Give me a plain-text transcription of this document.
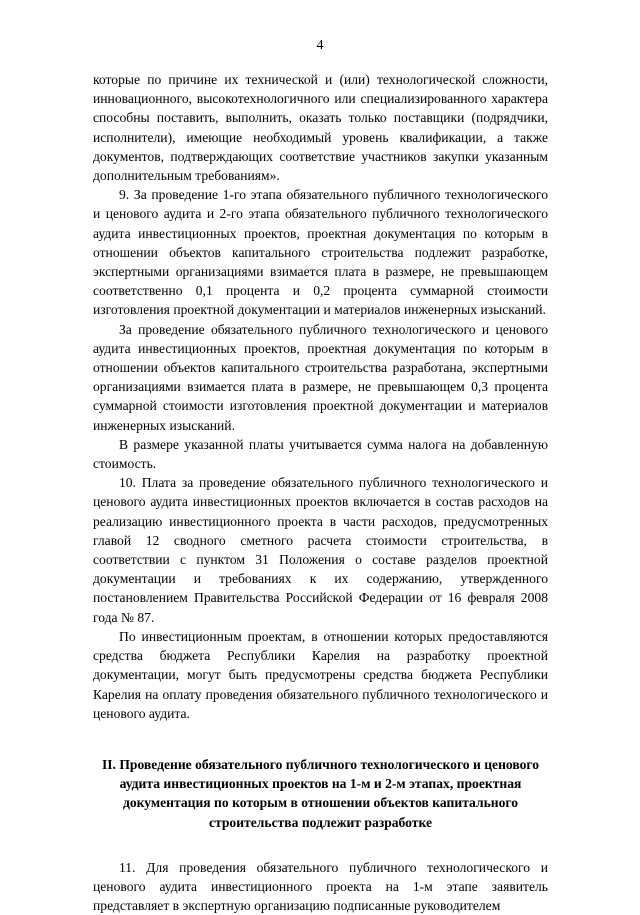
4

которые по причине их технической и (или) технологической сложности, инновационного, высокотехнологичного или специализированного характера способны поставить, выполнить, оказать только поставщики (подрядчики, исполнители), имеющие необходимый уровень квалификации, а также документов, подтверждающих соответствие участников закупки указанным дополнительным требованиям».

9. За проведение 1-го этапа обязательного публичного технологического и ценового аудита и 2-го этапа обязательного публичного технологического аудита инвестиционных проектов, проектная документация по которым в отношении объектов капитального строительства подлежит разработке, экспертными организациями взимается плата в размере, не превышающем соответственно 0,1 процента и 0,2 процента суммарной стоимости изготовления проектной документации и материалов инженерных изысканий.

За проведение обязательного публичного технологического и ценового аудита инвестиционных проектов, проектная документация по которым в отношении объектов капитального строительства разработана, экспертными организациями взимается плата в размере, не превышающем 0,3 процента суммарной стоимости изготовления проектной документации и материалов инженерных изысканий.

В размере указанной платы учитывается сумма налога на добавленную стоимость.

10. Плата за проведение обязательного публичного технологического и ценового аудита инвестиционных проектов включается в состав расходов на реализацию инвестиционного проекта в части расходов, предусмотренных главой 12 сводного сметного расчета стоимости строительства, в соответствии с пунктом 31 Положения о составе разделов проектной документации и требованиях к их содержанию, утвержденного постановлением Правительства Российской Федерации от 16 февраля 2008 года № 87.

По инвестиционным проектам, в отношении которых предоставляются средства бюджета Республики Карелия на разработку проектной документации, могут быть предусмотрены средства бюджета Республики Карелия на оплату проведения обязательного публичного технологического и ценового аудита.

II. Проведение обязательного публичного технологического и ценового аудита инвестиционных проектов на 1-м и 2-м этапах, проектная документация по которым в отношении объектов капитального строительства подлежит разработке

11. Для проведения обязательного публичного технологического и ценового аудита инвестиционного проекта на 1-м этапе заявитель представляет в экспертную организацию подписанные руководителем
